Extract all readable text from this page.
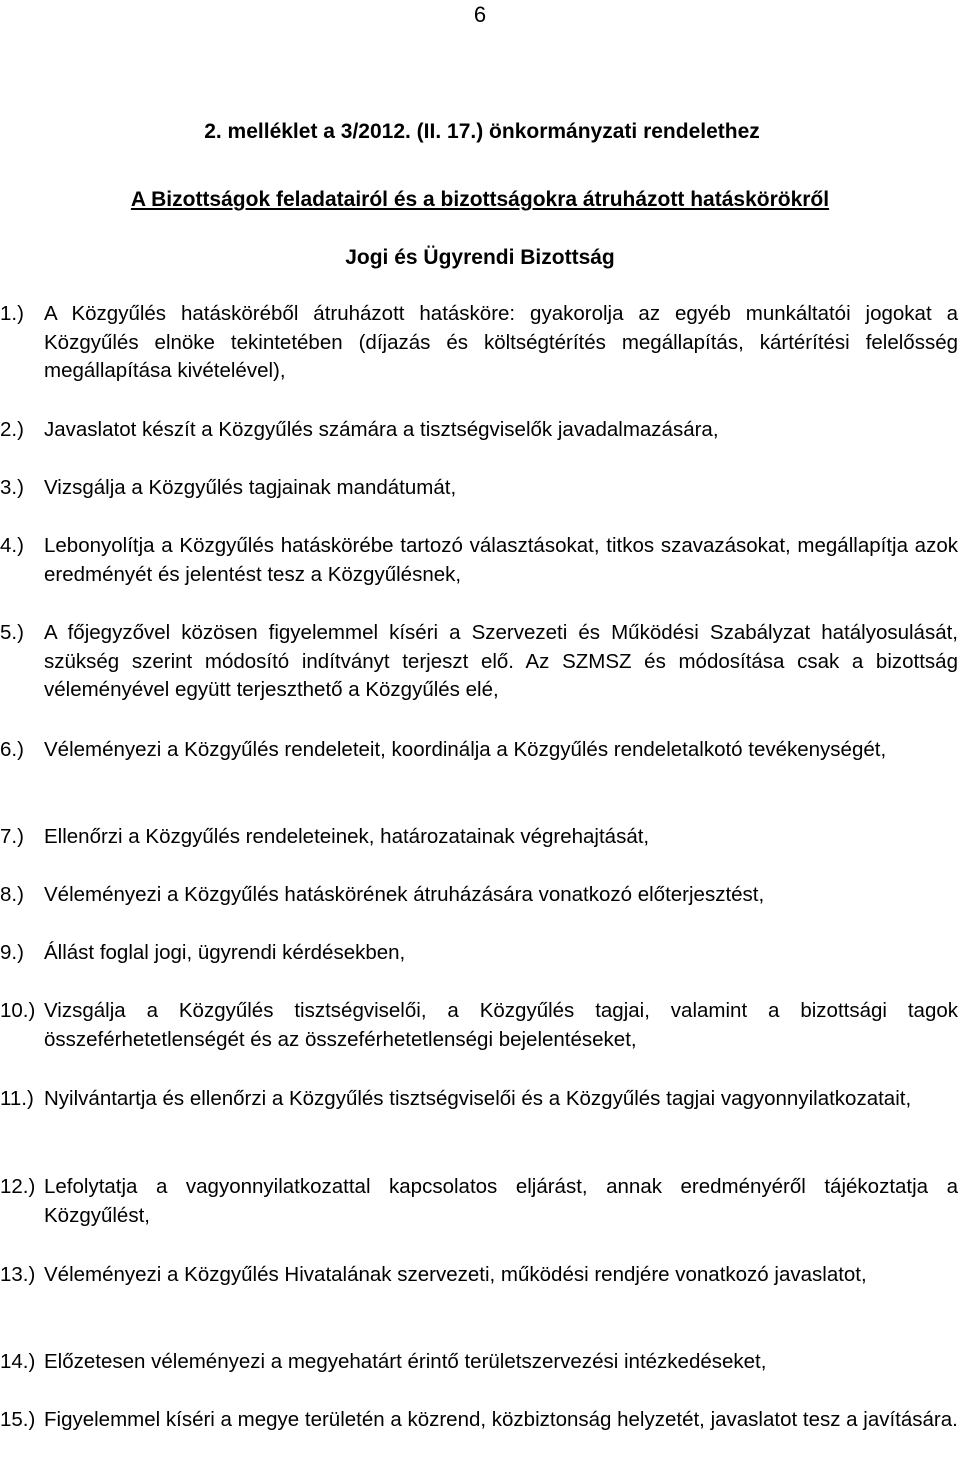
6
2. melléklet a 3/2012. (II. 17.) önkormányzati rendelethez
A Bizottságok feladatairól és a bizottságokra átruházott hatáskörökről
Jogi és Ügyrendi Bizottság
1.) A Közgyűlés hatásköréből átruházott hatásköre: gyakorolja az egyéb munkáltatói jogokat a Közgyűlés elnöke tekintetében (díjazás és költségtérítés megállapítás, kártérítési felelősség megállapítása kivételével),
2.) Javaslatot készít a Közgyűlés számára a tisztségviselők javadalmazására,
3.) Vizsgálja a Közgyűlés tagjainak mandátumát,
4.) Lebonyolítja a Közgyűlés hatáskörébe tartozó választásokat, titkos szavazásokat, megállapítja azok eredményét és jelentést tesz a Közgyűlésnek,
5.) A főjegyzővel közösen figyelemmel kíséri a Szervezeti és Működési Szabályzat hatályosulását, szükség szerint módosító indítványt terjeszt elő. Az SZMSZ és módosítása csak a bizottság véleményével együtt terjeszthető a Közgyűlés elé,
6.) Véleményezi a Közgyűlés rendeleteit, koordinálja a Közgyűlés rendeletalkotó tevékenységét,
7.) Ellenőrzi a Közgyűlés rendeleteinek, határozatainak végrehajtását,
8.) Véleményezi a Közgyűlés hatáskörének átruházására vonatkozó előterjesztést,
9.) Állást foglal jogi, ügyrendi kérdésekben,
10.) Vizsgálja a Közgyűlés tisztségviselői, a Közgyűlés tagjai, valamint a bizottsági tagok összeférhetetlenségét és az összeférhetetlenségi bejelentéseket,
11.) Nyilvántartja és ellenőrzi a Közgyűlés tisztségviselői és a Közgyűlés tagjai vagyonnyilatkozatait,
12.) Lefolytatja a vagyonnyilatkozattal kapcsolatos eljárást, annak eredményéről tájékoztatja a Közgyűlést,
13.) Véleményezi a Közgyűlés Hivatalának szervezeti, működési rendjére vonatkozó javaslatot,
14.) Előzetesen véleményezi a megyehatárt érintő területszervezési intézkedéseket,
15.) Figyelemmel kíséri a megye területén a közrend, közbiztonság helyzetét, javaslatot tesz a javítására.
